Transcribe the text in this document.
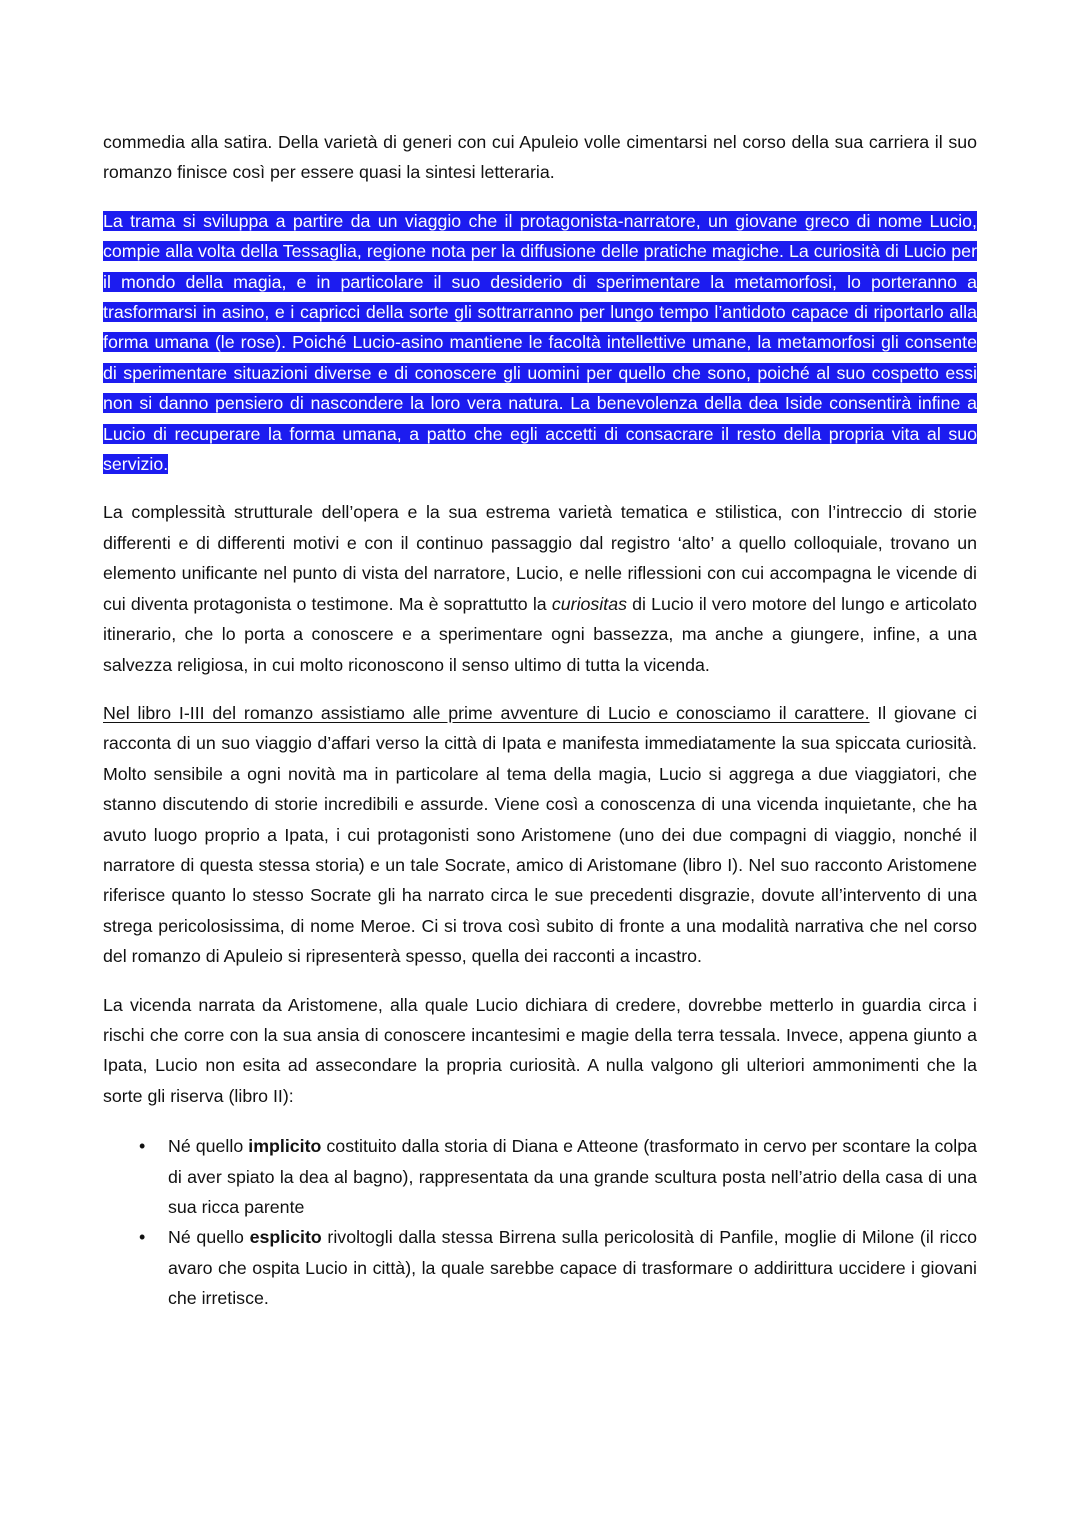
commedia alla satira. Della varietà di generi con cui Apuleio volle cimentarsi nel corso della sua carriera il suo romanzo finisce così per essere quasi la sintesi letteraria.

La trama si sviluppa a partire da un viaggio che il protagonista-narratore, un giovane greco di nome Lucio, compie alla volta della Tessaglia, regione nota per la diffusione delle pratiche magiche. La curiosità di Lucio per il mondo della magia, e in particolare il suo desiderio di sperimentare la metamorfosi, lo porteranno a trasformarsi in asino, e i capricci della sorte gli sottrarranno per lungo tempo l’antidoto capace di riportarlo alla forma umana (le rose). Poiché Lucio-asino mantiene le facoltà intellettive umane, la metamorfosi gli consente di sperimentare situazioni diverse e di conoscere gli uomini per quello che sono, poiché al suo cospetto essi non si danno pensiero di nascondere la loro vera natura. La benevolenza della dea Iside consentirà infine a Lucio di recuperare la forma umana, a patto che egli accetti di consacrare il resto della propria vita al suo servizio.

La complessità strutturale dell’opera e la sua estrema varietà tematica e stilistica, con l’intreccio di storie differenti e di differenti motivi e con il continuo passaggio dal registro ‘alto’ a quello colloquiale, trovano un elemento unificante nel punto di vista del narratore, Lucio, e nelle riflessioni con cui accompagna le vicende di cui diventa protagonista o testimone. Ma è soprattutto la curiositas di Lucio il vero motore del lungo e articolato itinerario, che lo porta a conoscere e a sperimentare ogni bassezza, ma anche a giungere, infine, a una salvezza religiosa, in cui molto riconoscono il senso ultimo di tutta la vicenda.

Nel libro I-III del romanzo assistiamo alle prime avventure di Lucio e conosciamo il carattere. Il giovane ci racconta di un suo viaggio d’affari verso la città di Ipata e manifesta immediatamente la sua spiccata curiosità. Molto sensibile a ogni novità ma in particolare al tema della magia, Lucio si aggrega a due viaggiatori, che stanno discutendo di storie incredibili e assurde. Viene così a conoscenza di una vicenda inquietante, che ha avuto luogo proprio a Ipata, i cui protagonisti sono Aristomene (uno dei due compagni di viaggio, nonché il narratore di questa stessa storia) e un tale Socrate, amico di Aristomane (libro I). Nel suo racconto Aristomene riferisce quanto lo stesso Socrate gli ha narrato circa le sue precedenti disgrazie, dovute all’intervento di una strega pericolosissima, di nome Meroe. Ci si trova così subito di fronte a una modalità narrativa che nel corso del romanzo di Apuleio si ripresenterà spesso, quella dei racconti a incastro.

La vicenda narrata da Aristomene, alla quale Lucio dichiara di credere, dovrebbe metterlo in guardia circa i rischi che corre con la sua ansia di conoscere incantesimi e magie della terra tessala. Invece, appena giunto a Ipata, Lucio non esita ad assecondare la propria curiosità. A nulla valgono gli ulteriori ammonimenti che la sorte gli riserva (libro II):

• Né quello implicito costituito dalla storia di Diana e Atteone (trasformato in cervo per scontare la colpa di aver spiato la dea al bagno), rappresentata da una grande scultura posta nell’atrio della casa di una sua ricca parente
• Né quello esplicito rivoltogli dalla stessa Birrena sulla pericolosità di Panfile, moglie di Milone (il ricco avaro che ospita Lucio in città), la quale sarebbe capace di trasformare o addirittura uccidere i giovani che irretisce.
